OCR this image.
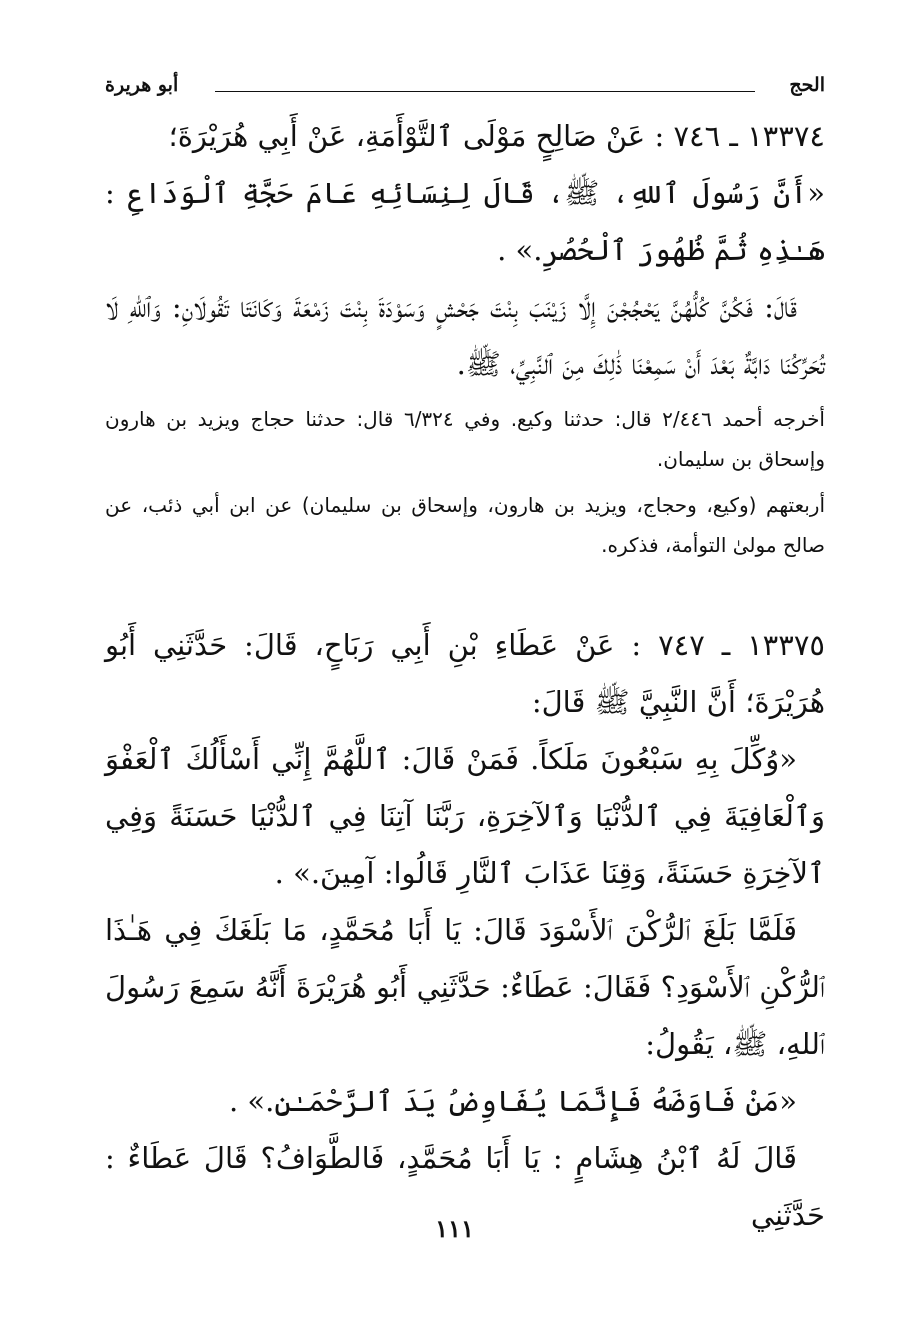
الحج
أبو هريرة

١٣٣٧٤ ـ ٧٤٦ : عَنْ صَالِحٍ مَوْلَى ٱلتَّوْأَمَةِ، عَنْ أَبِي هُرَيْرَةَ؛

«أَنَّ رَسُولَ ٱللهِ، ﷺ، قَالَ لِنِسَائِهِ عَامَ حَجَّةِ ٱلْوَدَاعِ : هَـٰذِهِ ثُمَّ ظُهُورَ ٱلْحُصُرِ.» .

قَالَ: فَكُنَّ كُلُّهُنَّ يَحْجُجْنَ إِلَّا زَيْنَبَ بِنْتَ جَحْشٍ وَسَوْدَةَ بِنْتَ زَمْعَةَ وَكَانَتَا تَقُولَانِ: وَٱللهِ لَا تُحَرِّكُنَا دَابَّةٌ بَعْدَ أَنْ سَمِعْنَا ذَٰلِكَ مِنَ ٱلنَّبِيِّ، ﷺ.

أخرجه أحمد ٢/٤٤٦ قال: حدثنا وكيع. وفي ٦/٣٢٤ قال: حدثنا حجاج ويزيد بن هارون وإسحاق بن سليمان.

أربعتهم (وكيع، وحجاج، ويزيد بن هارون، وإسحاق بن سليمان) عن ابن أبي ذئب، عن صالح مولىٰ التوأمة، فذكره.

١٣٣٧٥ ـ ٧٤٧ : عَنْ عَطَاءِ بْنِ أَبِي رَبَاحٍ، قَالَ: حَدَّثَنِي أَبُو هُرَيْرَةَ؛ أَنَّ النَّبِيَّ ﷺ قَالَ:

«وُكِّلَ بِهِ سَبْعُونَ مَلَكاً. فَمَنْ قَالَ: ٱللَّهُمَّ إِنِّي أَسْأَلُكَ ٱلْعَفْوَ وَٱلْعَافِيَةَ فِي ٱلدُّنْيَا وَٱلآخِرَةِ، رَبَّنَا آتِنَا فِي ٱلدُّنْيَا حَسَنَةً وَفِي ٱلآخِرَةِ حَسَنَةً، وَقِنَا عَذَابَ ٱلنَّارِ قَالُوا: آمِينَ.» .

فَلَمَّا بَلَغَ ٱلرُّكْنَ ٱلأَسْوَدَ قَالَ: يَا أَبَا مُحَمَّدٍ، مَا بَلَغَكَ فِي هَـٰذَا ٱلرُّكْنِ ٱلأَسْوَدِ؟ فَقَالَ: عَطَاءٌ: حَدَّثَنِي أَبُو هُرَيْرَةَ أَنَّهُ سَمِعَ رَسُولَ ٱللهِ، ﷺ، يَقُولُ:

«مَنْ فَاوَضَهُ فَإِنَّمَا يُفَاوِضُ يَدَ ٱلرَّحْمَـٰنِ.» .

قَالَ لَهُ ٱبْنُ هِشَامٍ : يَا أَبَا مُحَمَّدٍ، فَالطَّوَافُ؟ قَالَ عَطَاءٌ : حَدَّثَنِي

١١١
